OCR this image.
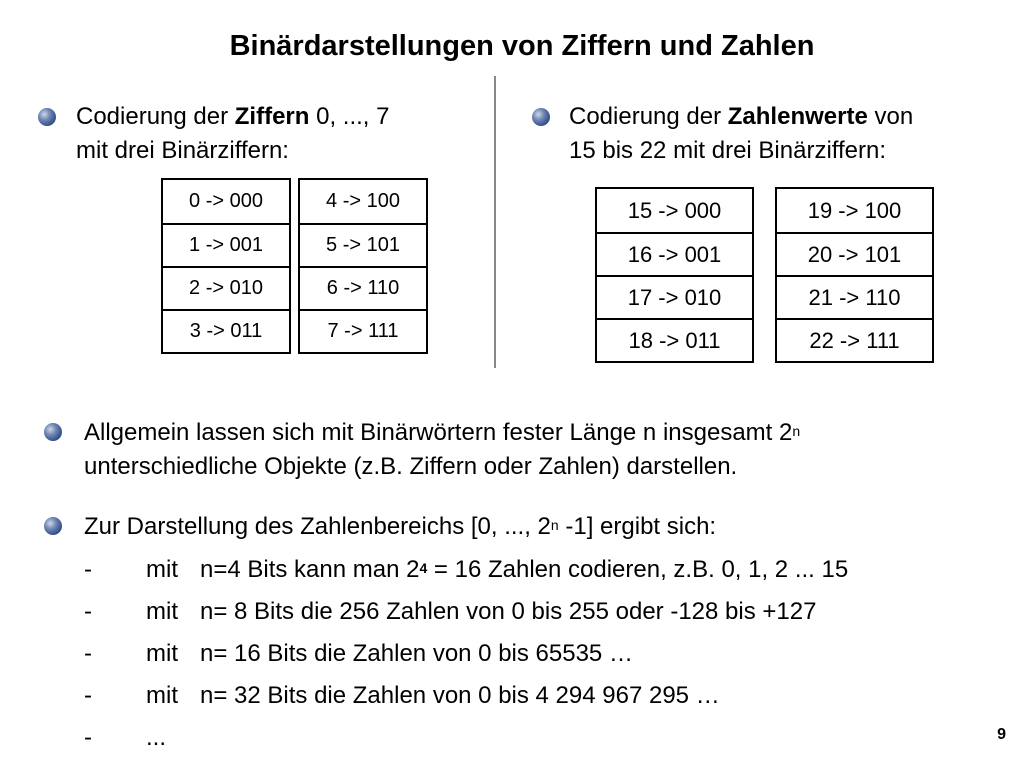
Binärdarstellungen von Ziffern und Zahlen
Codierung der Ziffern 0, ..., 7
mit drei Binärziffern:
0 -> 000
1 -> 001
2 -> 010
3 -> 011
4 -> 100
5 -> 101
6 -> 110
7 -> 111
Codierung der Zahlenwerte von
15 bis 22 mit drei Binärziffern:
15 -> 000
16 -> 001
17 -> 010
18 -> 011
19 -> 100
20 -> 101
21 -> 110
22 -> 111
Allgemein lassen sich mit Binärwörtern fester Länge n insgesamt 2$^n$
unterschiedliche Objekte (z.B. Ziffern oder Zahlen) darstellen.
Zur Darstellung des Zahlenbereichs [0, ..., 2$^n$ -1] ergibt sich:
- mit n=4 Bits kann man $2^4 = 16$ Zahlen codieren, z.B. 0, 1, 2 ... 15
- mit n= 8 Bits die 256 Zahlen von 0 bis 255 oder -128 bis +127
- mit n= 16 Bits die Zahlen von 0 bis 65535 …
- mit n= 32 Bits die Zahlen von 0 bis 4 294 967 295 …
- ...	9
